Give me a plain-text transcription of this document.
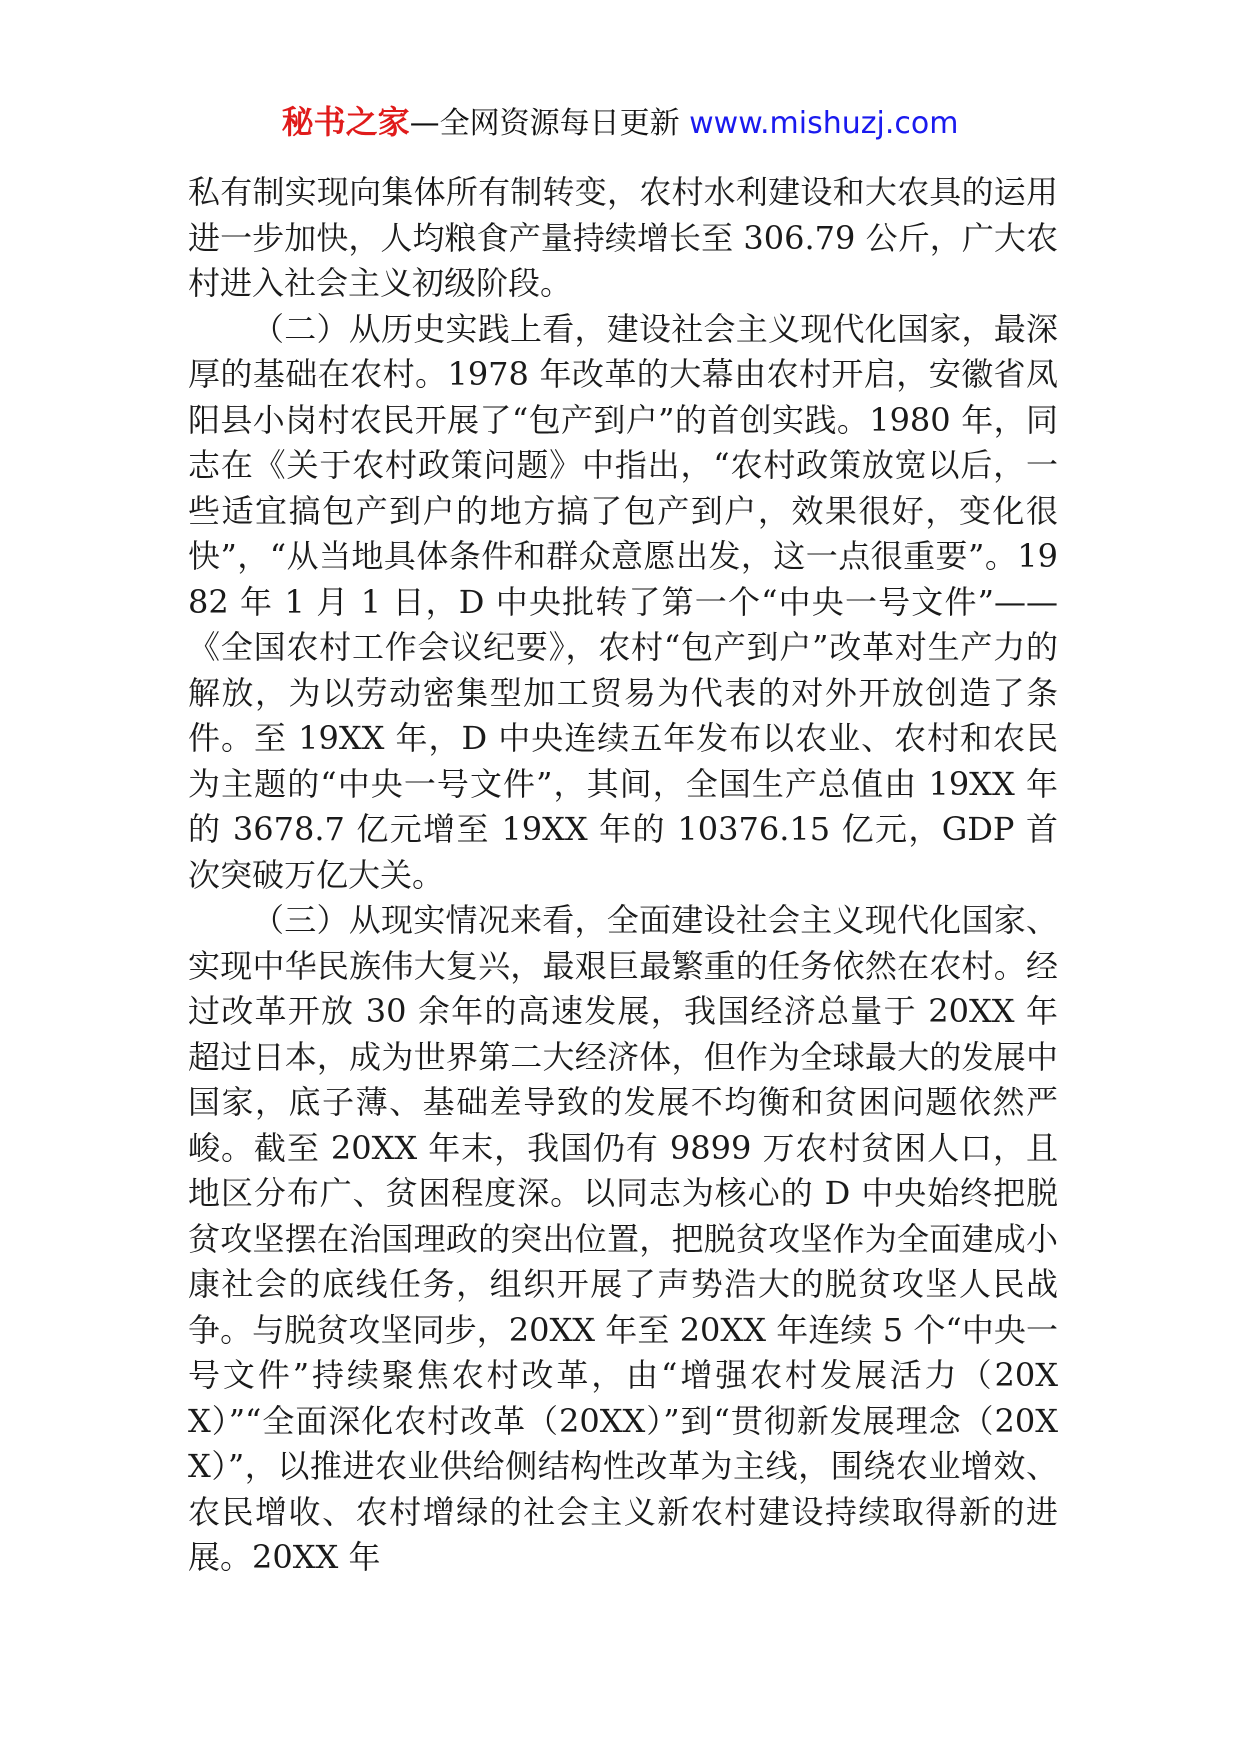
秘书之家—全网资源每日更新 www.mishuzj.com

私有制实现向集体所有制转变，农村水利建设和大农具的运用进一步加快，人均粮食产量持续增长至 306.79 公斤，广大农村进入社会主义初级阶段。

（二）从历史实践上看，建设社会主义现代化国家，最深厚的基础在农村。1978 年改革的大幕由农村开启，安徽省凤阳县小岗村农民开展了“包产到户”的首创实践。1980 年，同志在《关于农村政策问题》中指出，“农村政策放宽以后，一些适宜搞包产到户的地方搞了包产到户，效果很好，变化很快”，“从当地具体条件和群众意愿出发，这一点很重要”。1982 年 1 月 1 日，D 中央批转了第一个“中央一号文件”——《全国农村工作会议纪要》，农村“包产到户”改革对生产力的解放，为以劳动密集型加工贸易为代表的对外开放创造了条件。至 19XX 年，D 中央连续五年发布以农业、农村和农民为主题的“中央一号文件”，其间，全国生产总值由 19XX 年的 3678.7 亿元增至 19XX 年的 10376.15 亿元，GDP 首次突破万亿大关。

（三）从现实情况来看，全面建设社会主义现代化国家、实现中华民族伟大复兴，最艰巨最繁重的任务依然在农村。经过改革开放 30 余年的高速发展，我国经济总量于 20XX 年超过日本，成为世界第二大经济体，但作为全球最大的发展中国家，底子薄、基础差导致的发展不均衡和贫困问题依然严峻。截至 20XX 年末，我国仍有 9899 万农村贫困人口，且地区分布广、贫困程度深。以同志为核心的 D 中央始终把脱贫攻坚摆在治国理政的突出位置，把脱贫攻坚作为全面建成小康社会的底线任务，组织开展了声势浩大的脱贫攻坚人民战争。与脱贫攻坚同步，20XX 年至 20XX 年连续 5 个“中央一号文件”持续聚焦农村改革，由“增强农村发展活力（20XX）”“全面深化农村改革（20XX）”到“贯彻新发展理念（20XX）”，以推进农业供给侧结构性改革为主线，围绕农业增效、农民增收、农村增绿的社会主义新农村建设持续取得新的进展。20XX 年
